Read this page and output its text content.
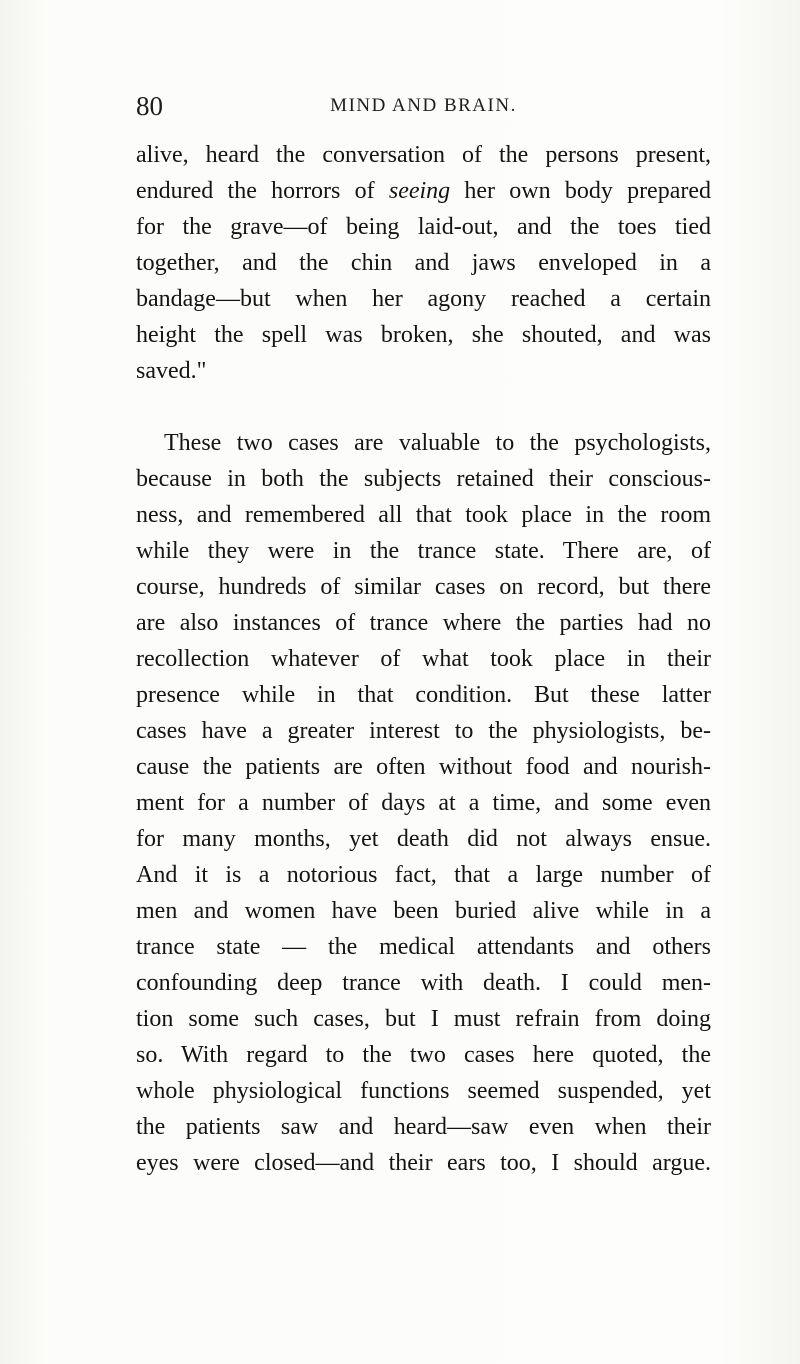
80	MIND AND BRAIN.
alive, heard the conversation of the persons present,
endured the horrors of seeing her own body prepared
for the grave—of being laid-out, and the toes tied
together, and the chin and jaws enveloped in a
bandage—but when her agony reached a certain
height the spell was broken, she shouted, and was
saved."
These two cases are valuable to the psychologists,
because in both the subjects retained their conscious-
ness, and remembered all that took place in the room
while they were in the trance state. There are, of
course, hundreds of similar cases on record, but there
are also instances of trance where the parties had no
recollection whatever of what took place in their
presence while in that condition. But these latter
cases have a greater interest to the physiologists, be-
cause the patients are often without food and nourish-
ment for a number of days at a time, and some even
for many months, yet death did not always ensue.
And it is a notorious fact, that a large number of
men and women have been buried alive while in a
trance state — the medical attendants and others
confounding deep trance with death. I could men-
tion some such cases, but I must refrain from doing
so. With regard to the two cases here quoted, the
whole physiological functions seemed suspended, yet
the patients saw and heard—saw even when their
eyes were closed—and their ears too, I should argue.
